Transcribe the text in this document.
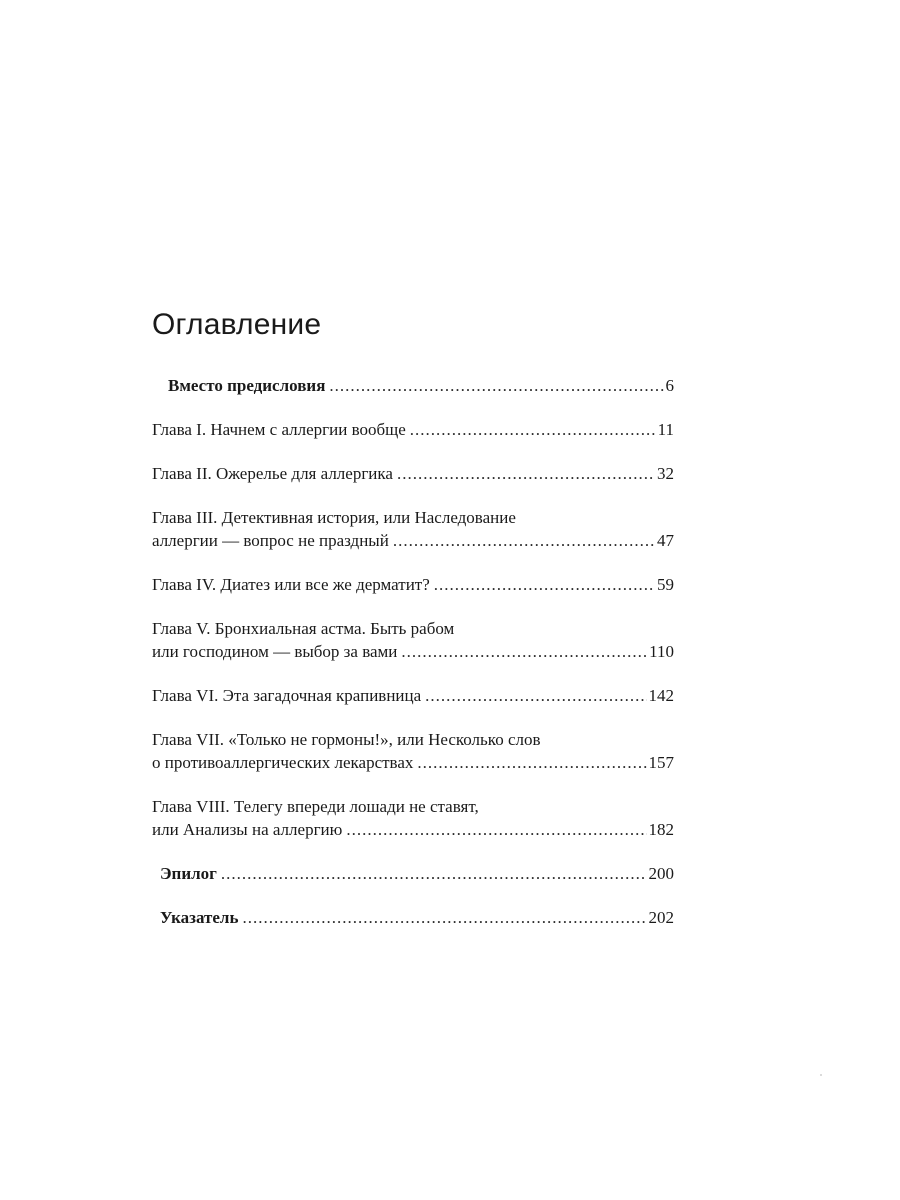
Оглавление
Вместо предисловия .....	6
Глава I. Начнем с аллергии вообще .....	11
Глава II. Ожерелье для аллергика .....	32
Глава III. Детективная история, или Наследование
аллергии — вопрос не праздный .....	47
Глава IV. Диатез или все же дерматит? .....	59
Глава V. Бронхиальная астма. Быть рабом
или господином — выбор за вами .....	110
Глава VI. Эта загадочная крапивница .....	142
Глава VII. «Только не гормоны!», или Несколько слов
о противоаллергических лекарствах .....	157
Глава VIII. Телегу впереди лошади не ставят,
или Анализы на аллергию .....	182
Эпилог .....	200
Указатель .....	202
